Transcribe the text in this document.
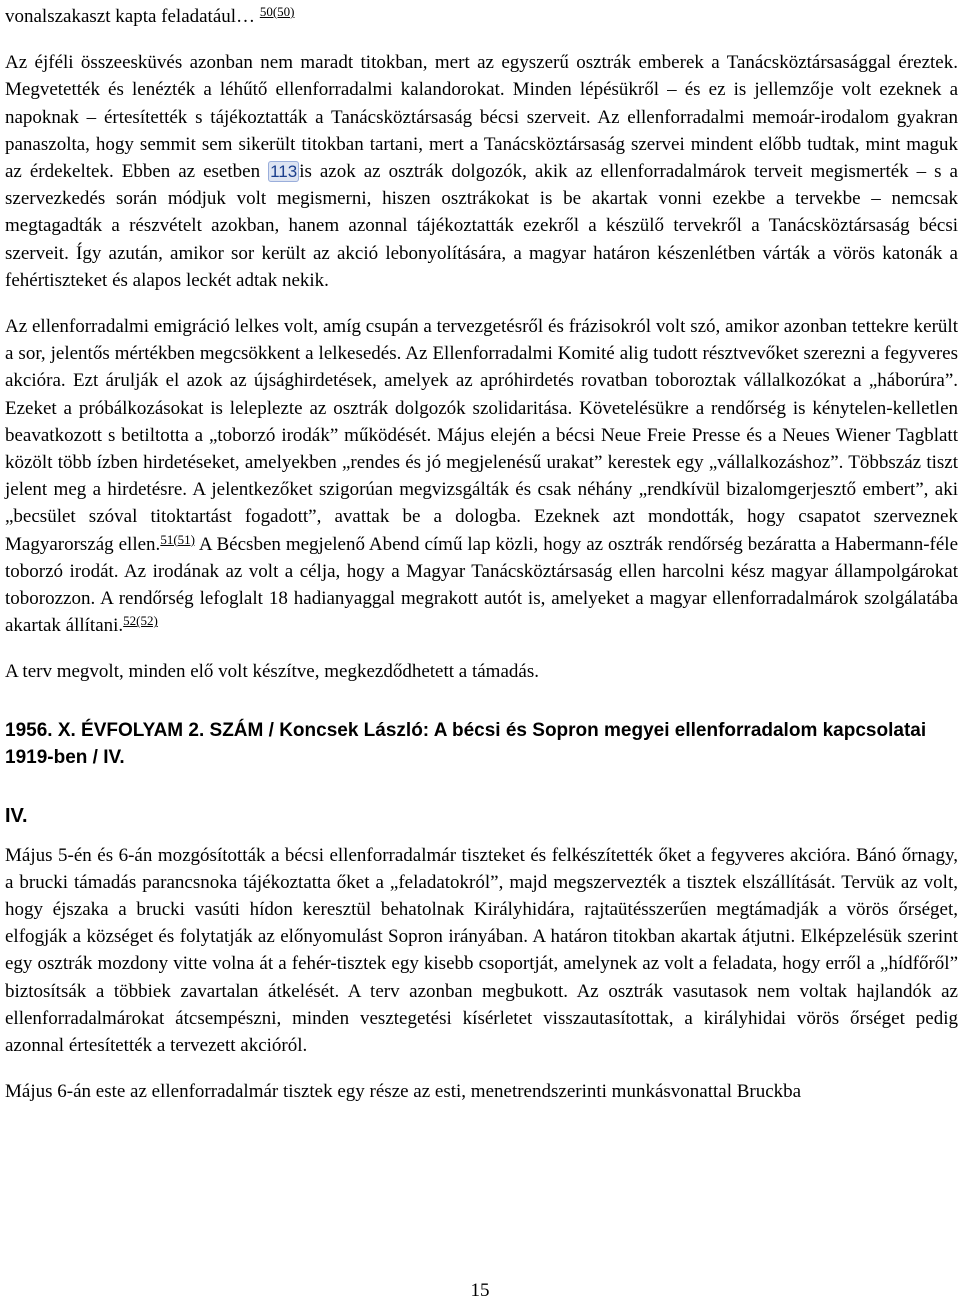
vonalszakaszt kapta feladatául… $^{50(50)}$

Az éjféli összeesküvés azonban nem maradt titokban, mert az egyszerű osztrák emberek a Tanácsköztársasággal éreztek. Megvetették és lenézték a léhűtő ellenforradalmi kalandorokat. Minden lépésükről – és ez is jellemzője volt ezeknek a napoknak – értesítették s tájékoztatták a Tanácsköztársaság bécsi szerveit. Az ellenforradalmi memoár-irodalom gyakran panaszolta, hogy semmit sem sikerült titokban tartani, mert a Tanácsköztársaság szervei mindent előbb tudtak, mint maguk az érdekeltek. Ebben az esetben 113 is azok az osztrák dolgozók, akik az ellenforradalmárok terveit megismerték – s a szervezkedés során módjuk volt megismerni, hiszen osztrákokat is be akartak vonni ezekbe a tervekbe – nemcsak megtagadták a részvételt azokban, hanem azonnal tájékoztatták ezekről a készülő tervekről a Tanácsköztársaság bécsi szerveit. Így azután, amikor sor került az akció lebonyolítására, a magyar határon készenlétben várták a vörös katonák a fehértiszteket és alapos leckét adtak nekik.

Az ellenforradalmi emigráció lelkes volt, amíg csupán a tervezgetésről és frázisokról volt szó, amikor azonban tettekre került a sor, jelentős mértékben megcsökkent a lelkesedés. Az Ellenforradalmi Komité alig tudott résztvevőket szerezni a fegyveres akcióra. Ezt árulják el azok az újsághirdetések, amelyek az apróhirdetés rovatban toboroztak vállalkozókat a „háborúra”. Ezeket a próbálkozásokat is leleplezte az osztrák dolgozók szolidaritása. Követelésükre a rendőrség is kénytelen-kelletlen beavatkozott s betiltotta a „toborzó irodák” működését. Május elején a bécsi Neue Freie Presse és a Neues Wiener Tagblatt közölt több ízben hirdetéseket, amelyekben „rendes és jó megjelenésű urakat” kerestek egy „vállalkozáshoz”. Többszáz tiszt jelent meg a hirdetésre. A jelentkezőket szigorúan megvizsgálták és csak néhány „rendkívül bizalomgerjesztő embert”, aki „becsület szóval titoktartást fogadott”, avattak be a dologba. Ezeknek azt mondották, hogy csapatot szerveznek Magyarország ellen.$^{51(51)}$ A Bécsben megjelenő Abend című lap közli, hogy az osztrák rendőrség bezáratta a Habermann-féle toborzó irodát. Az irodának az volt a célja, hogy a Magyar Tanácsköztársaság ellen harcolni kész magyar állampolgárokat toborozzon. A rendőrség lefoglalt 18 hadianyaggal megrakott autót is, amelyeket a magyar ellenforradalmárok szolgálatába akartak állítani.$^{52(52)}$

A terv megvolt, minden elő volt készítve, megkezdődhetett a támadás.

1956. X. ÉVFOLYAM 2. SZÁM / Koncsek László: A bécsi és Sopron megyei ellenforradalom kapcsolatai 1919-ben / IV.
IV.

Május 5-én és 6-án mozgósították a bécsi ellenforradalmár tiszteket és felkészítették őket a fegyveres akcióra. Bánó őrnagy, a brucki támadás parancsnoka tájékoztatta őket a „feladatokról”, majd megszervezték a tisztek elszállítását. Tervük az volt, hogy éjszaka a brucki vasúti hídon keresztül behatolnak Királyhidára, rajtaütésszerűen megtámadják a vörös őrséget, elfogják a községet és folytatják az előnyomulást Sopron irányában. A határon titokban akartak átjutni. Elképzelésük szerint egy osztrák mozdony vitte volna át a fehér-tisztek egy kisebb csoportját, amelynek az volt a feladata, hogy erről a „hídfőről” biztosítsák a többiek zavartalan átkelését. A terv azonban megbukott. Az osztrák vasutasok nem voltak hajlandók az ellenforradalmárokat átcsempészni, minden vesztegetési kísérletet visszautasítottak, a királyhidai vörös őrséget pedig azonnal értesítették a tervezett akcióról.

Május 6-án este az ellenforradalmár tisztek egy része az esti, menetrendszerinti munkásvonattal Bruckba

15
